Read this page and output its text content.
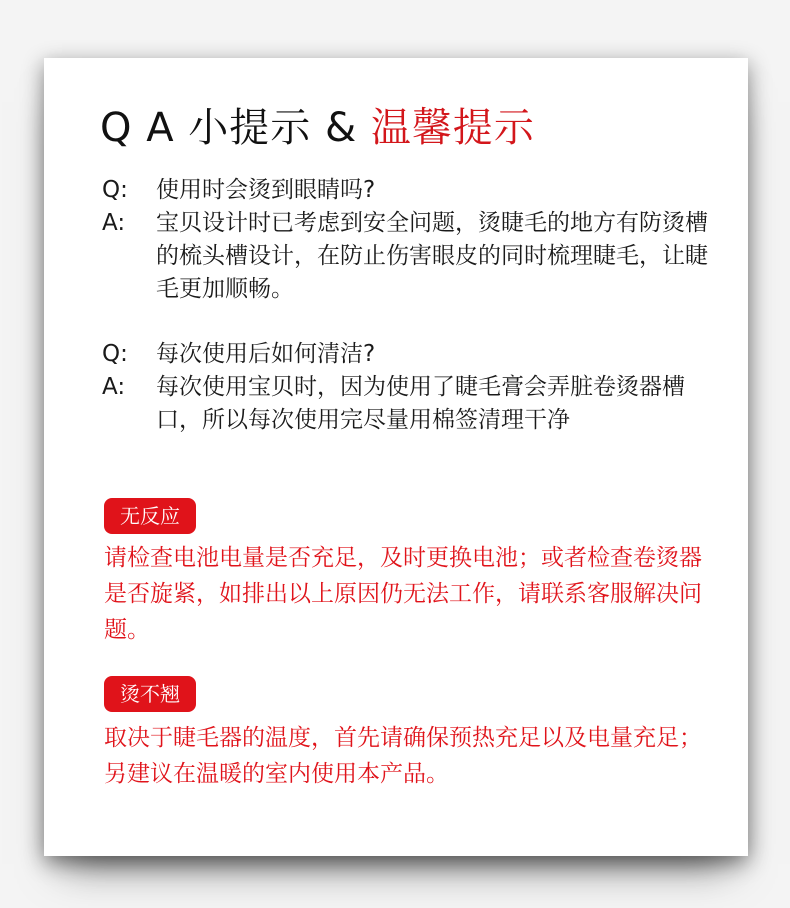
Q A 小提示 & 温馨提示
Q:	使用时会烫到眼睛吗?
A:	宝贝设计时已考虑到安全问题，烫睫毛的地方有防烫槽的梳头槽设计，在防止伤害眼皮的同时梳理睫毛，让睫毛更加顺畅。
Q:	每次使用后如何清洁?
A:	每次使用宝贝时，因为使用了睫毛膏会弄脏卷烫器槽口，所以每次使用完尽量用棉签清理干净
无反应
请检查电池电量是否充足，及时更换电池；或者检查卷烫器是否旋紧，如排出以上原因仍无法工作，请联系客服解决问题。
烫不翘
取决于睫毛器的温度，首先请确保预热充足以及电量充足；另建议在温暖的室内使用本产品。
